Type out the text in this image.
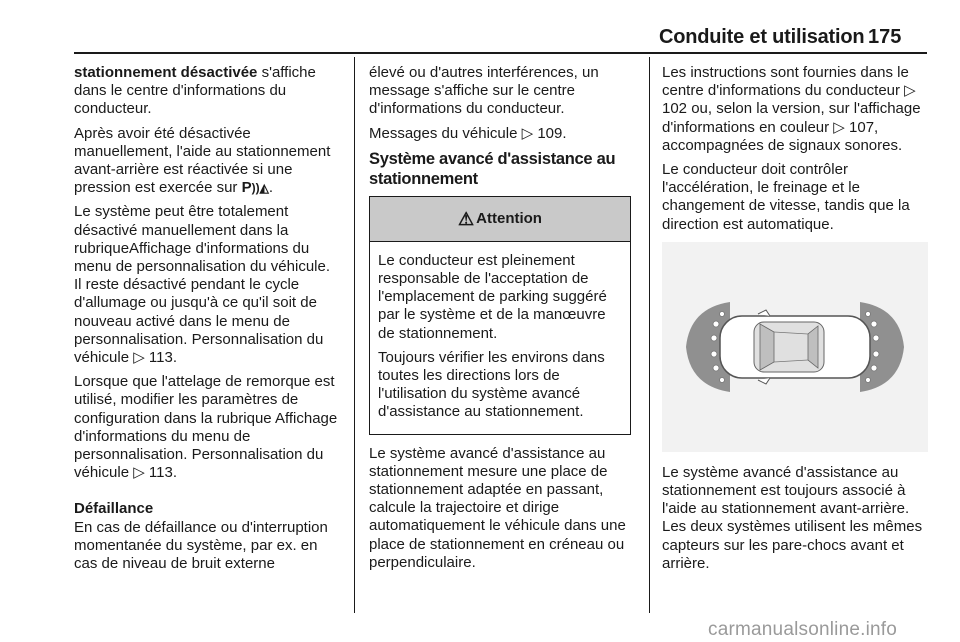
Conduite et utilisation 175

stationnement désactivée s'affiche dans le centre d'informations du conducteur.

Après avoir été désactivée manuellement, l'aide au stationnement avant-arrière est réactivée si une pression est exercée sur P))◭.

Le système peut être totalement désactivé manuellement dans la rubriqueAffichage d'informations du menu de personnalisation du véhicule. Il reste désactivé pendant le cycle d'allumage ou jusqu'à ce qu'il soit de nouveau activé dans le menu de personnalisation. Personnalisation du véhicule ▷ 113.

Lorsque que l'attelage de remorque est utilisé, modifier les paramètres de configuration dans la rubrique Affichage d'informations du menu de personnalisation. Personnalisation du véhicule ▷ 113.

Défaillance

En cas de défaillance ou d'interruption momentanée du système, par ex. en cas de niveau de bruit externe

élevé ou d'autres interférences, un message s'affiche sur le centre d'informations du conducteur.

Messages du véhicule ▷ 109.

Système avancé d'assistance au stationnement
⚠ Attention

Le conducteur est pleinement responsable de l'acceptation de l'emplacement de parking suggéré par le système et de la manœuvre de stationnement.

Toujours vérifier les environs dans toutes les directions lors de l'utilisation du système avancé d'assistance au stationnement.

Le système avancé d'assistance au stationnement mesure une place de stationnement adaptée en passant, calcule la trajectoire et dirige automatiquement le véhicule dans une place de stationnement en créneau ou perpendiculaire.

Les instructions sont fournies dans le centre d'informations du conducteur ▷ 102 ou, selon la version, sur l'affichage d'informations en couleur ▷ 107, accompagnées de signaux sonores.

Le conducteur doit contrôler l'accélération, le freinage et le changement de vitesse, tandis que la direction est automatique.

Le système avancé d'assistance au stationnement est toujours associé à l'aide au stationnement avant-arrière. Les deux systèmes utilisent les mêmes capteurs sur les pare-chocs avant et arrière.

carmanualsonline.info
